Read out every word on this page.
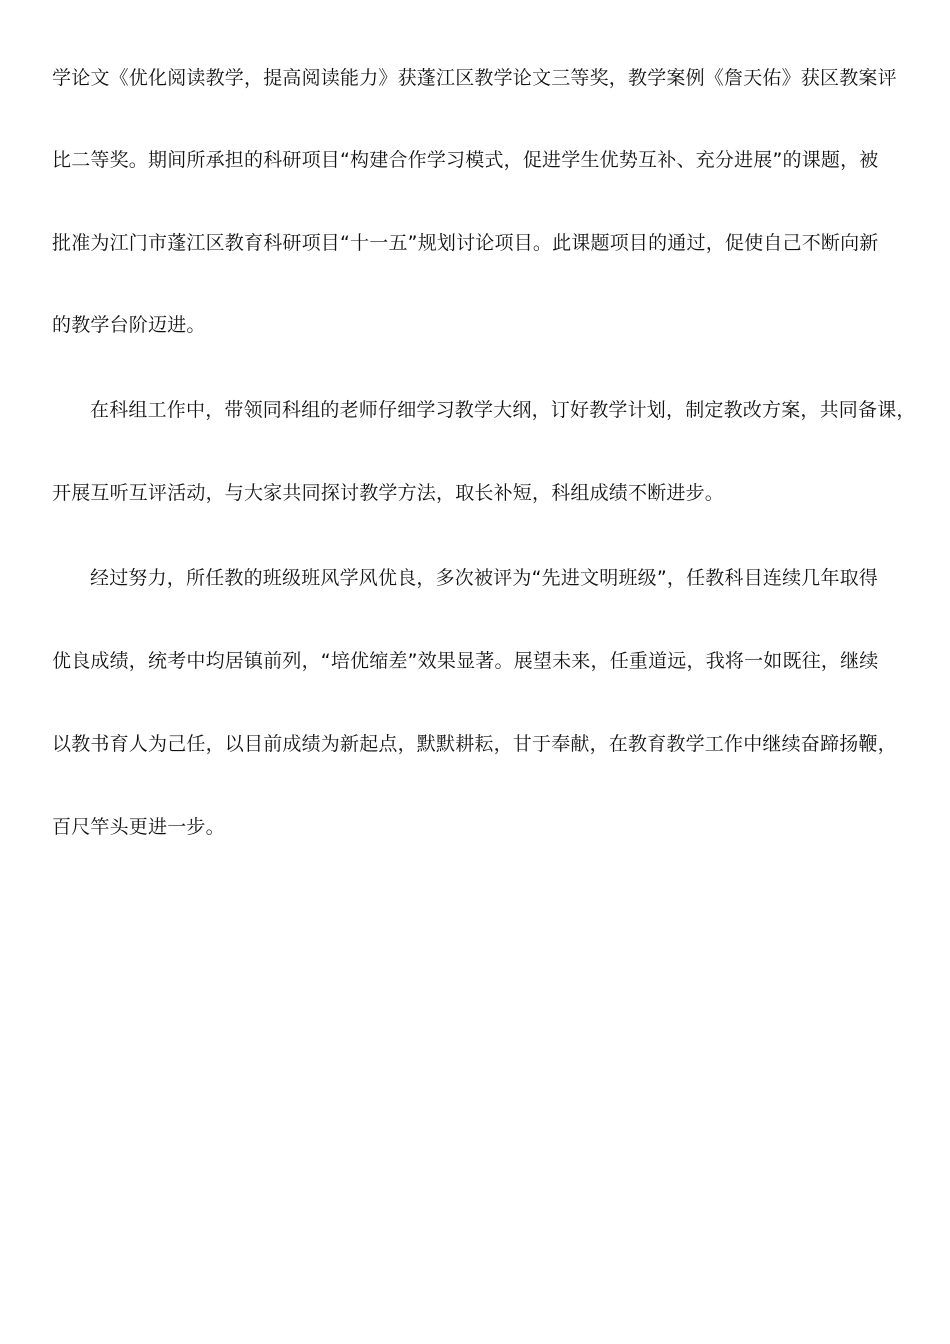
学论文《优化阅读教学，提高阅读能力》获蓬江区教学论文三等奖，教学案例《詹天佑》获区教案评
比二等奖。期间所承担的科研项目“构建合作学习模式，促进学生优势互补、充分进展”的课题，被
批准为江门市蓬江区教育科研项目“十一五”规划讨论项目。此课题项目的通过，促使自己不断向新
的教学台阶迈进。
在科组工作中，带领同科组的老师仔细学习教学大纲，订好教学计划，制定教改方案，共同备课，
开展互听互评活动，与大家共同探讨教学方法，取长补短，科组成绩不断进步。
经过努力，所任教的班级班风学风优良，多次被评为“先进文明班级”，任教科目连续几年取得
优良成绩，统考中均居镇前列，“培优缩差”效果显著。展望未来，任重道远，我将一如既往，继续
以教书育人为己任，以目前成绩为新起点，默默耕耘，甘于奉献，在教育教学工作中继续奋蹄扬鞭，
百尺竿头更进一步。
